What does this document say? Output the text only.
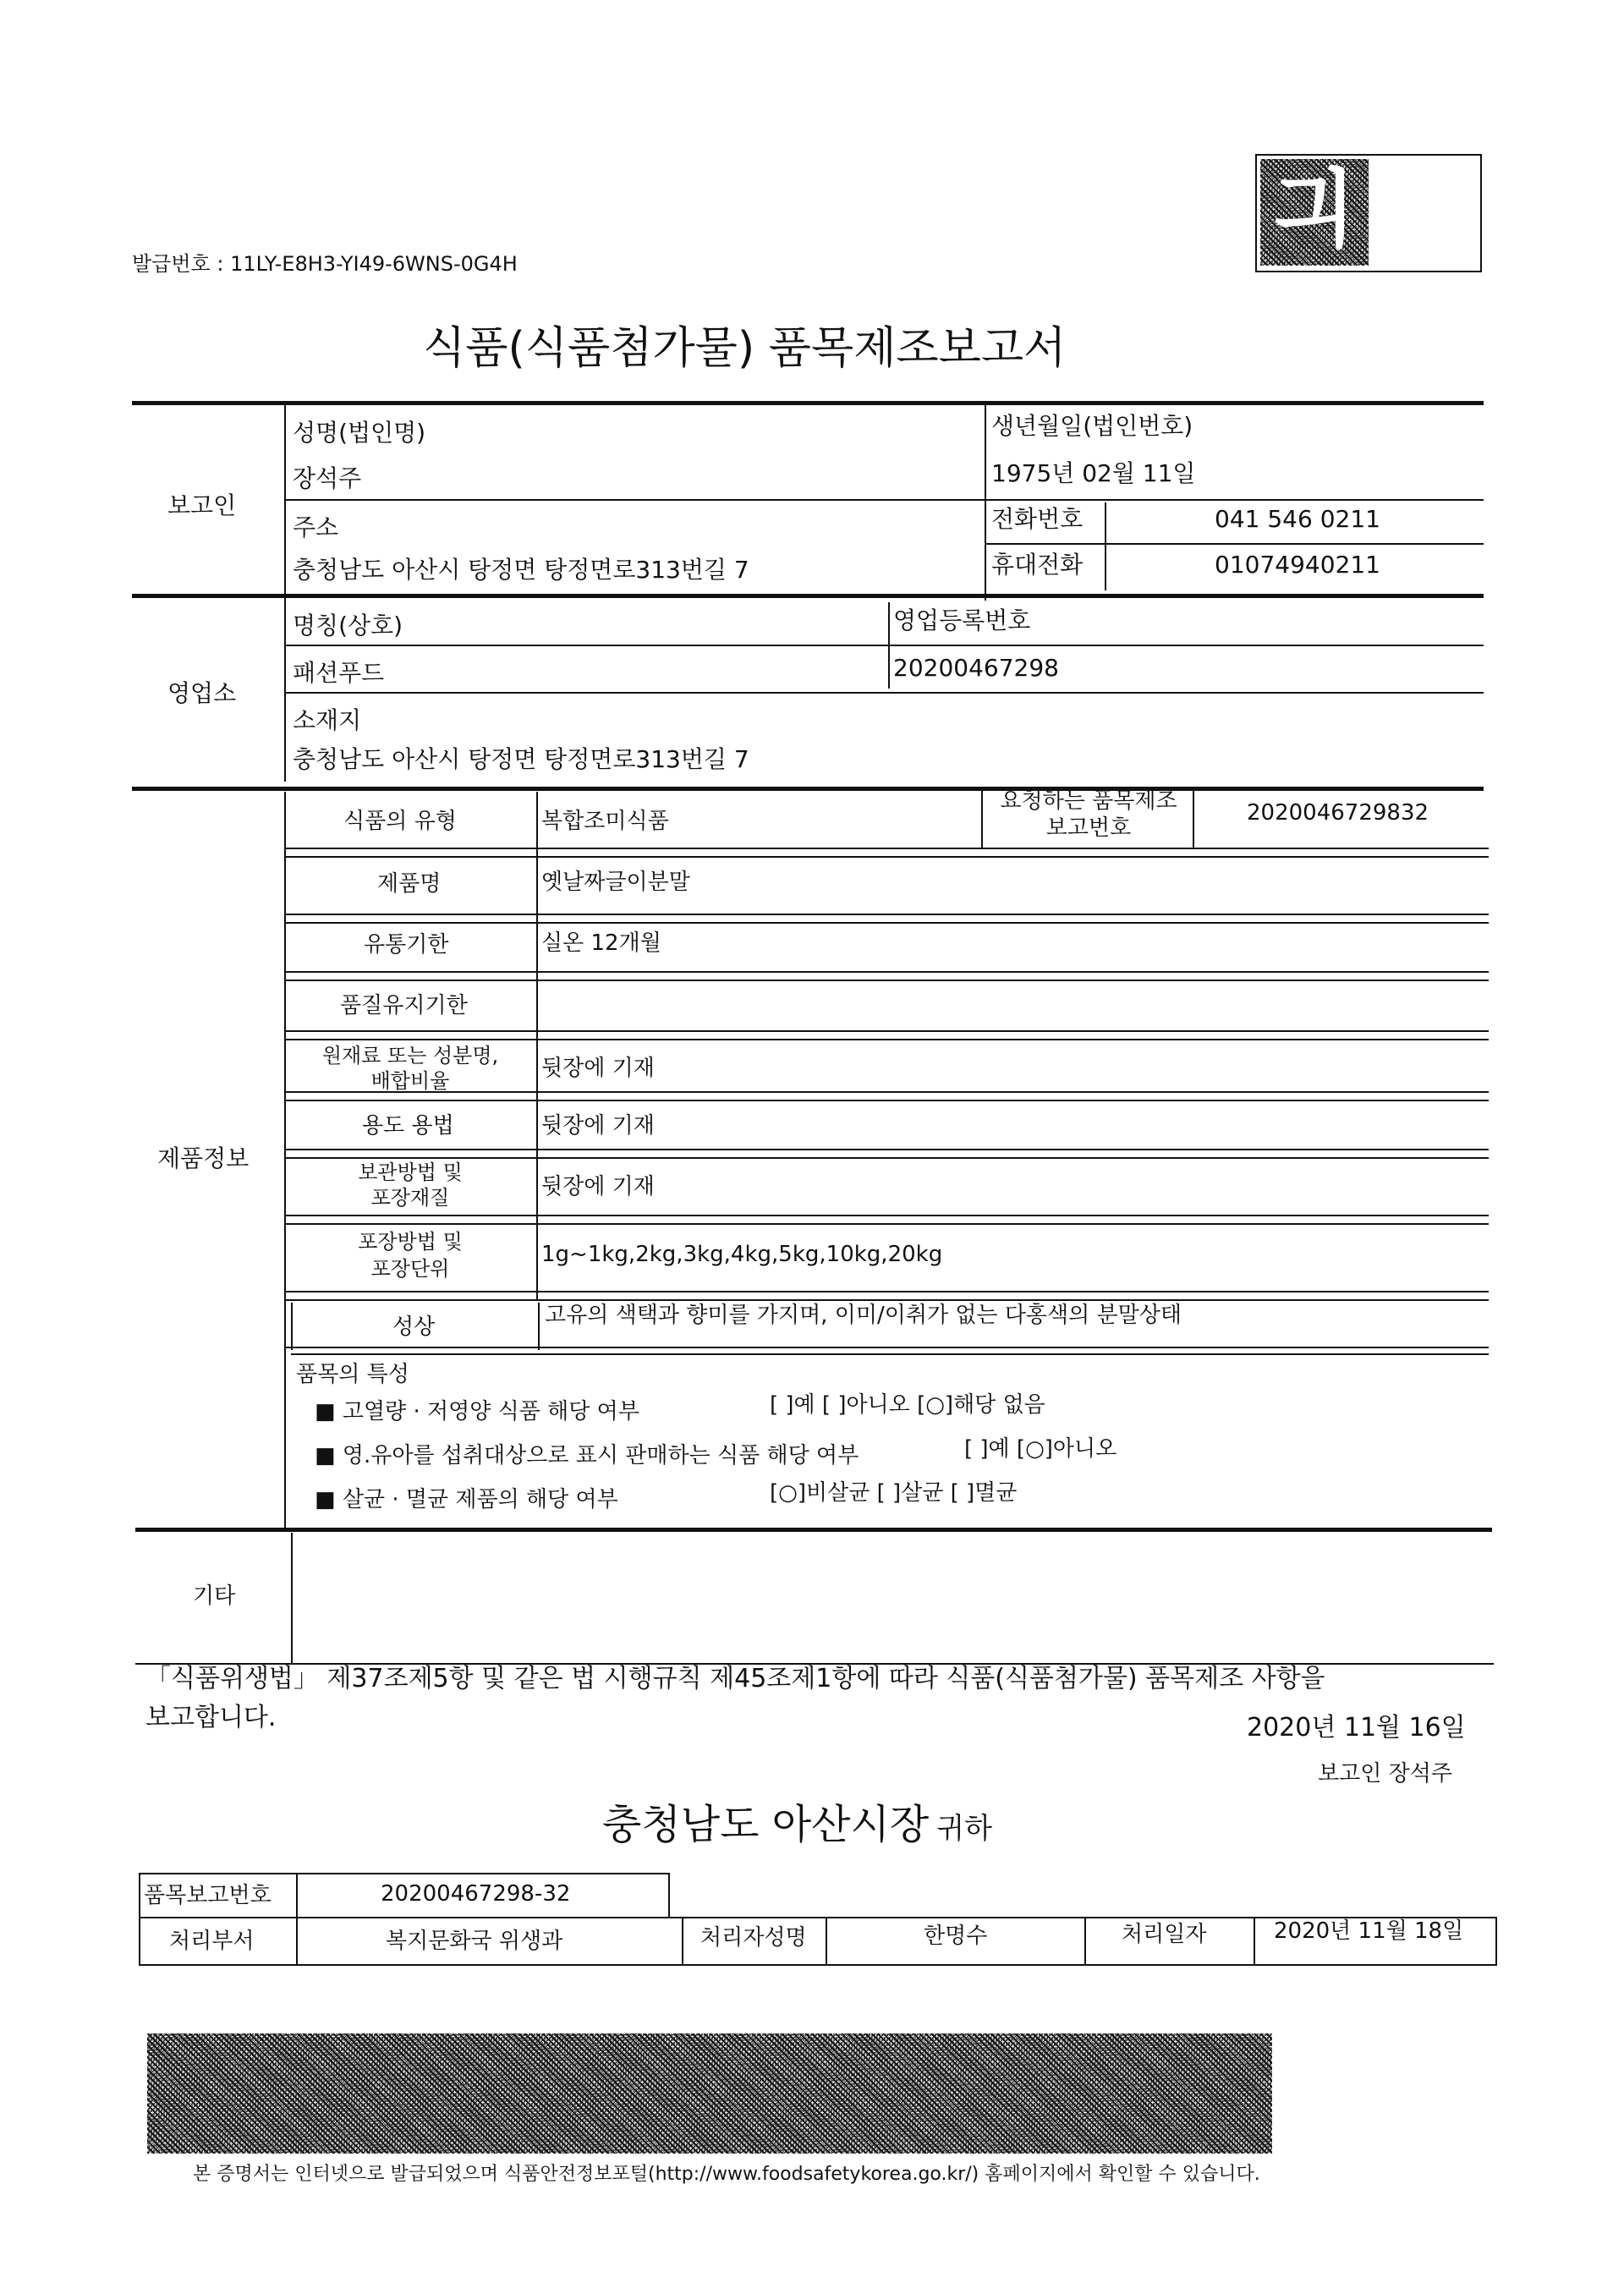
긔
발급번호 : 11LY-E8H3-YI49-6WNS-0G4H
식품(식품첨가물) 품목제조보고서
보고인
성명(법인명)
장석주
생년월일(법인번호)
1975년 02월 11일
주소
충청남도 아산시 탕정면 탕정면로313번길 7
전화번호	041 546 0211
휴대전화	01074940211
영업소
명칭(상호)
패션푸드
영업등록번호
20200467298
소재지
충청남도 아산시 탕정면 탕정면로313번길 7
제품정보
식품의 유형	복합조미식품
요청하는 품목제조
보고번호
2020046729832
제품명	옛날짜글이분말
유통기한	실온 12개월
품질유지기한
원재료 또는 성분명,
배합비율	뒷장에 기재
용도 용법	뒷장에 기재
보관방법 및
포장재질	뒷장에 기재
포장방법 및
포장단위
1g~1kg,2kg,3kg,4kg,5kg,10kg,20kg
성상	고유의 색택과 향미를 가지며, 이미/이취가 없는 다홍색의 분말상태
품목의 특성
■ 고열량 · 저영양 식품 해당 여부	[ ]예 [ ]아니오 [○]해당 없음
■ 영.유아를 섭취대상으로 표시 판매하는 식품 해당 여부	[ ]예 [○]아니오
■ 살균 · 멸균 제품의 해당 여부	[○]비살균 [ ]살균 [ ]멸균
기타
「식품위생법」 제37조제5항 및 같은 법 시행규칙 제45조제1항에 따라 식품(식품첨가물) 품목제조 사항을
보고합니다.	2020년 11월 16일
보고인 장석주
충청남도 아산시장 귀하
품목보고번호	20200467298-32
처리부서	복지문화국 위생과	처리자성명	한명수	처리일자	2020년 11월 18일
본 증명서는 인터넷으로 발급되었으며 식품안전정보포털(http://www.foodsafetykorea.go.kr/) 홈페이지에서 확인할 수 있습니다.
